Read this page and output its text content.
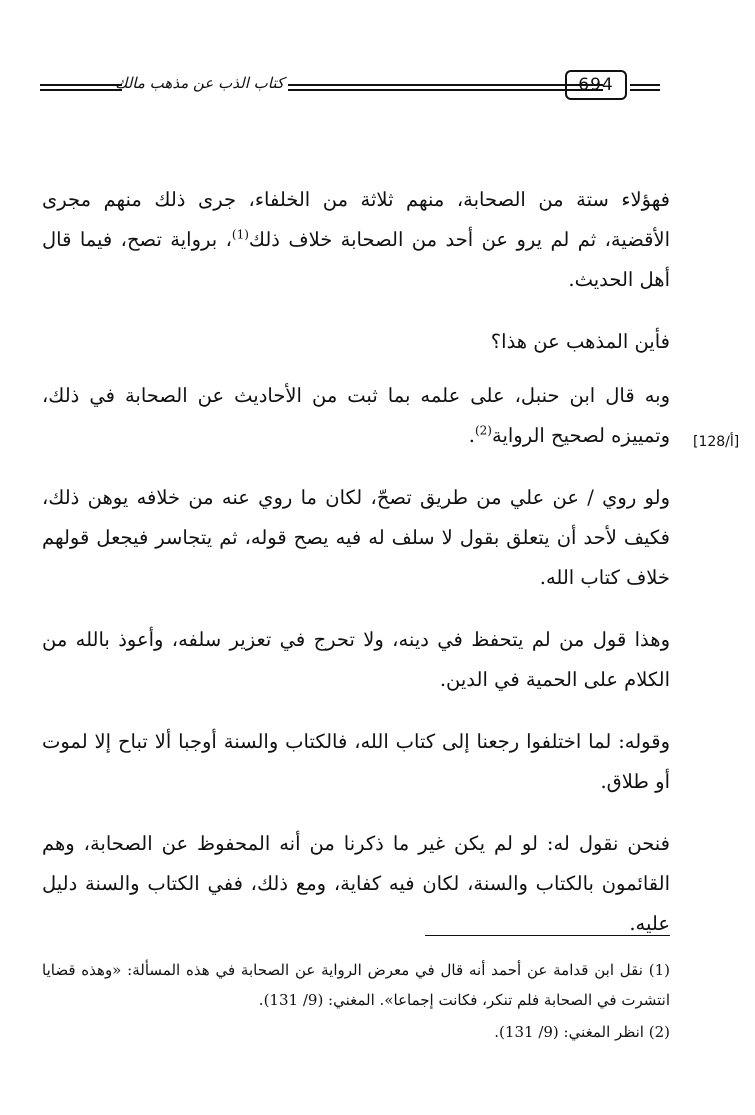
كتاب الذب عن مذهب مالك	694
[128/أ]

فهؤلاء ستة من الصحابة، منهم ثلاثة من الخلفاء، جرى ذلك منهم مجرى الأقضية، ثم لم يرو عن أحد من الصحابة خلاف ذلك$^{(1)}$، برواية تصح، فيما قال أهل الحديث.

فأين المذهب عن هذا؟

وبه قال ابن حنبل، على علمه بما ثبت من الأحاديث عن الصحابة في ذلك، وتمييزه لصحيح الرواية$^{(2)}$.

ولو روي / عن علي من طريق تصحّ، لكان ما روي عنه من خلافه يوهن ذلك، فكيف لأحد أن يتعلق بقول لا سلف له فيه يصح قوله، ثم يتجاسر فيجعل قولهم خلاف كتاب الله.

وهذا قول من لم يتحفظ في دينه، ولا تحرج في تعزير سلفه، وأعوذ بالله من الكلام على الحمية في الدين.

وقوله: لما اختلفوا رجعنا إلى كتاب الله، فالكتاب والسنة أوجبا ألا تباح إلا لموت أو طلاق.

فنحن نقول له: لو لم يكن غير ما ذكرنا من أنه المحفوظ عن الصحابة، وهم القائمون بالكتاب والسنة، لكان فيه كفاية، ومع ذلك، ففي الكتاب والسنة دليل عليه.

(1) نقل ابن قدامة عن أحمد أنه قال في معرض الرواية عن الصحابة في هذه المسألة: «وهذه قضايا انتشرت في الصحابة فلم تنكر، فكانت إجماعا». المغني: (9/ 131).

(2) انظر المغني: (9/ 131).
